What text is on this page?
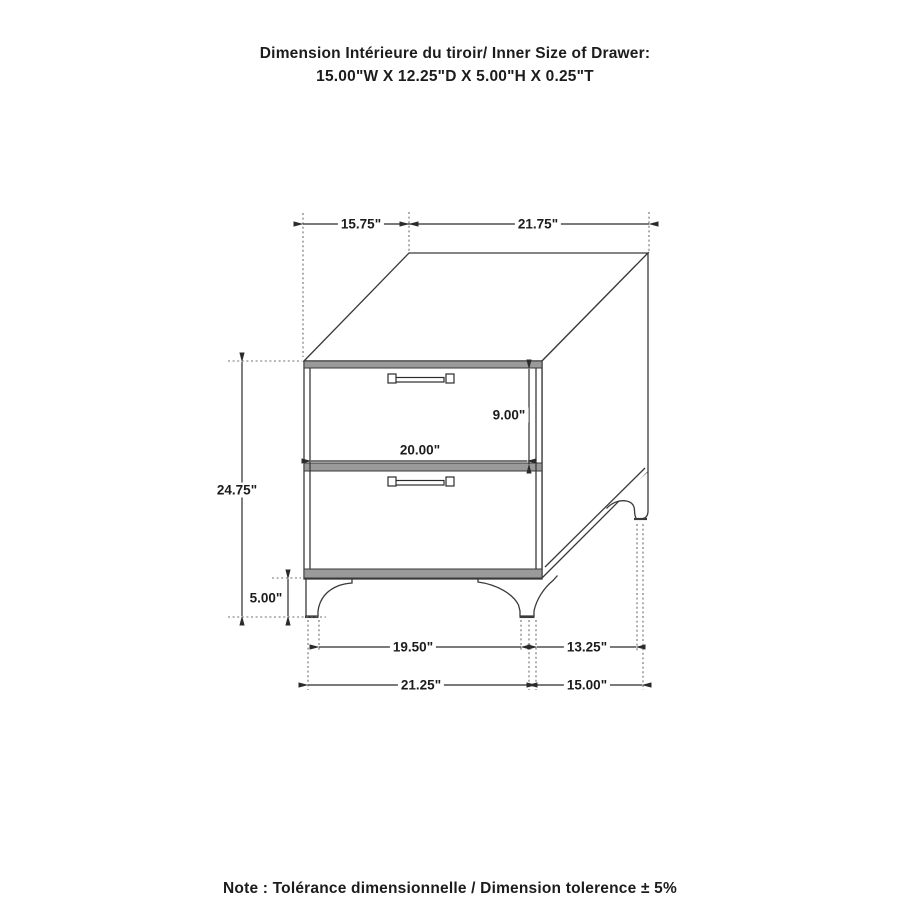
Dimension Intérieure du tiroir/ Inner Size of Drawer:
15.00"W X 12.25"D X 5.00"H X 0.25"T
15.75"	21.75"
9.00"
20.00"
24.75"
5.00"
19.50"	13.25"
21.25"	15.00"
Note : Tolérance dimensionnelle / Dimension tolerence ± 5%
